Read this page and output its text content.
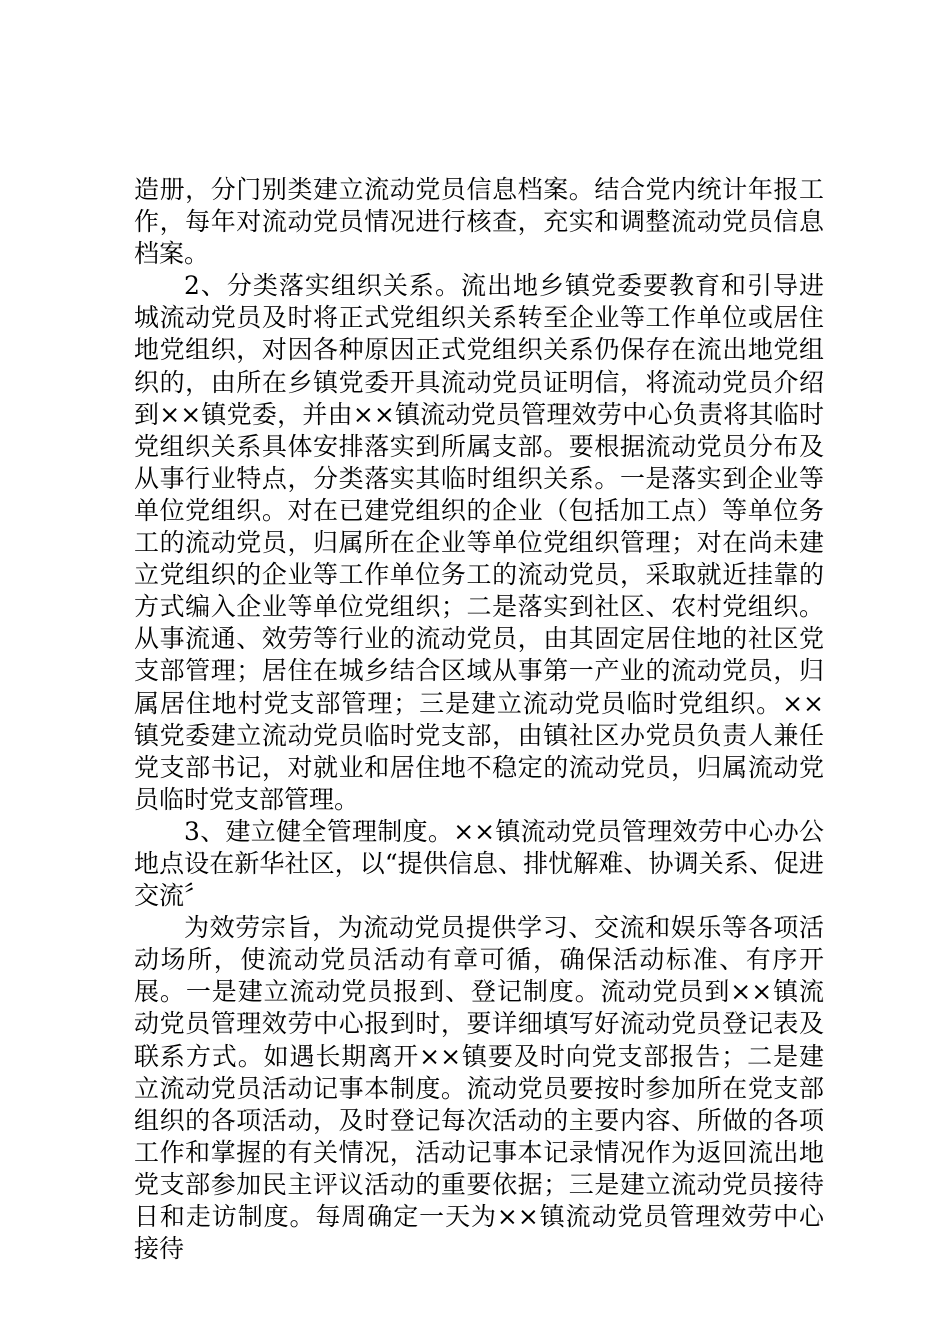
造册，分门别类建立流动党员信息档案。结合党内统计年报工作，每年对流动党员情况进行核查，充实和调整流动党员信息档案。

2、分类落实组织关系。流出地乡镇党委要教育和引导进城流动党员及时将正式党组织关系转至企业等工作单位或居住地党组织，对因各种原因正式党组织关系仍保存在流出地党组织的，由所在乡镇党委开具流动党员证明信，将流动党员介绍到××镇党委，并由××镇流动党员管理效劳中心负责将其临时党组织关系具体安排落实到所属支部。要根据流动党员分布及从事行业特点，分类落实其临时组织关系。一是落实到企业等单位党组织。对在已建党组织的企业（包括加工点）等单位务工的流动党员，归属所在企业等单位党组织管理；对在尚未建立党组织的企业等工作单位务工的流动党员，采取就近挂靠的方式编入企业等单位党组织；二是落实到社区、农村党组织。从事流通、效劳等行业的流动党员，由其固定居住地的社区党支部管理；居住在城乡结合区域从事第一产业的流动党员，归属居住地村党支部管理；三是建立流动党员临时党组织。××镇党委建立流动党员临时党支部，由镇社区办党员负责人兼任党支部书记，对就业和居住地不稳定的流动党员，归属流动党员临时党支部管理。

3、建立健全管理制度。××镇流动党员管理效劳中心办公地点设在新华社区，以“提供信息、排忧解难、协调关系、促进交流〞

为效劳宗旨，为流动党员提供学习、交流和娱乐等各项活动场所，使流动党员活动有章可循，确保活动标准、有序开展。一是建立流动党员报到、登记制度。流动党员到××镇流动党员管理效劳中心报到时，要详细填写好流动党员登记表及联系方式。如遇长期离开××镇要及时向党支部报告；二是建立流动党员活动记事本制度。流动党员要按时参加所在党支部组织的各项活动，及时登记每次活动的主要内容、所做的各项工作和掌握的有关情况，活动记事本记录情况作为返回流出地党支部参加民主评议活动的重要依据；三是建立流动党员接待日和走访制度。每周确定一天为××镇流动党员管理效劳中心接待
